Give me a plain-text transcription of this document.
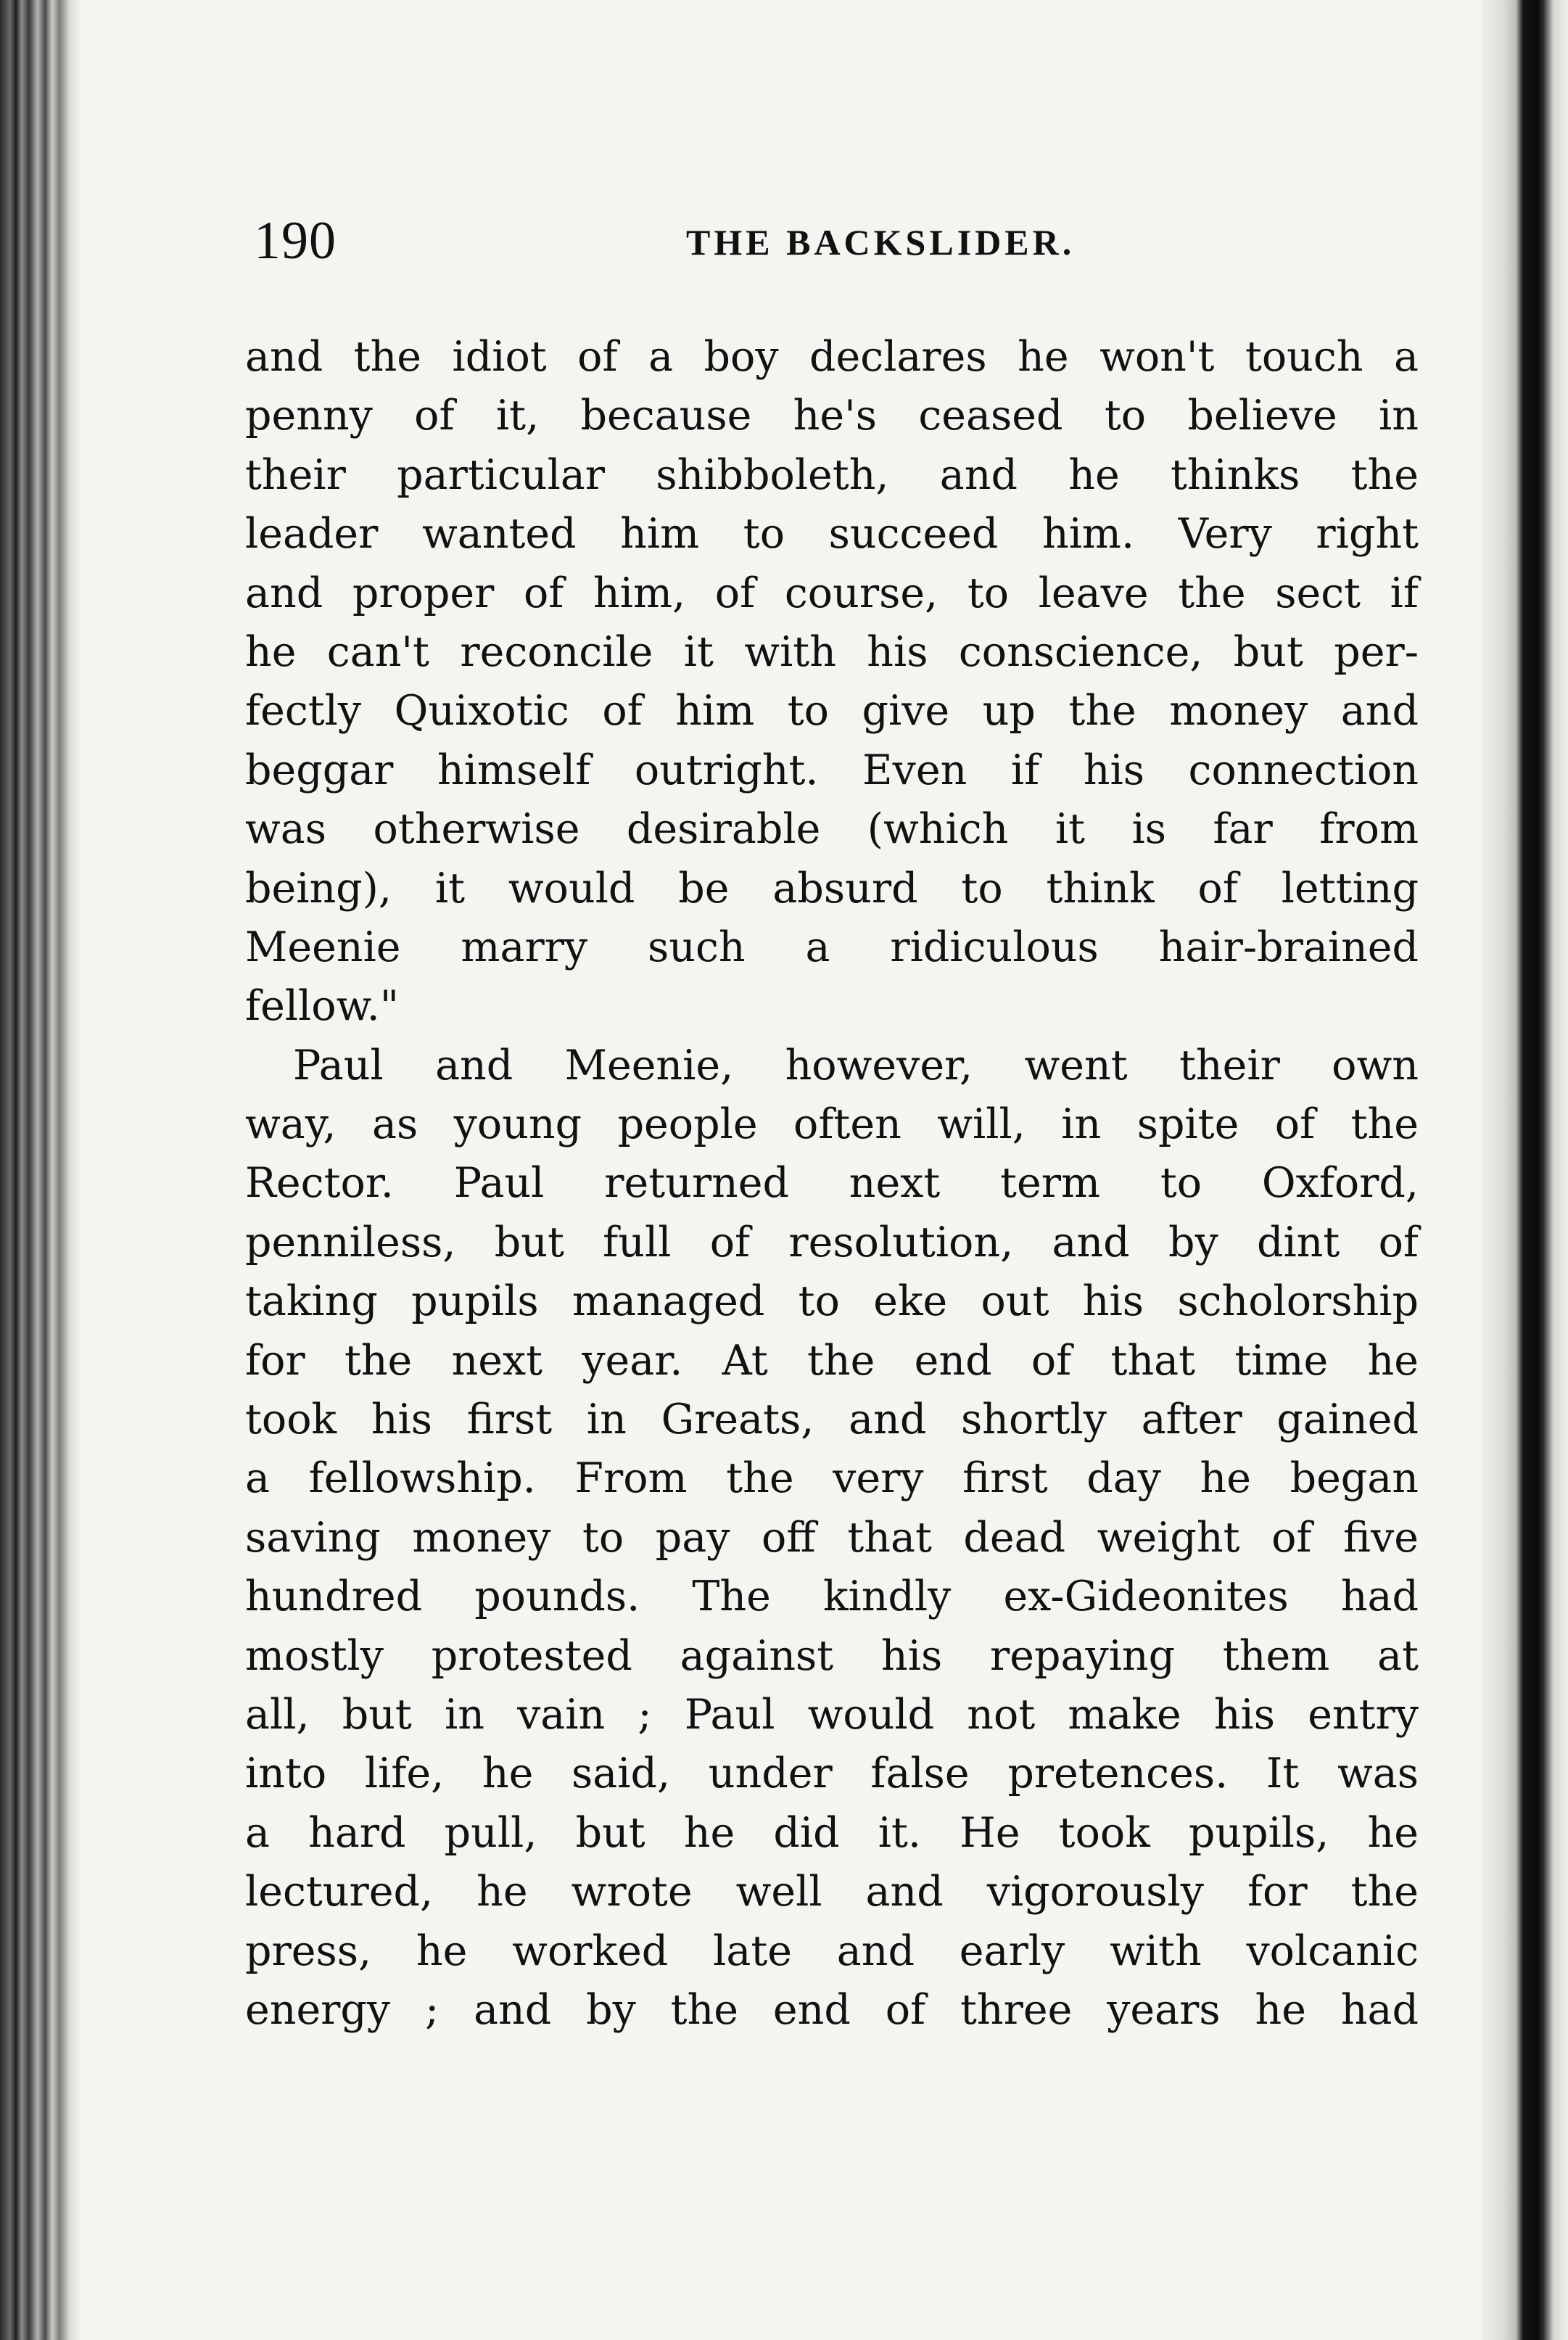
190	THE BACKSLIDER.
and the idiot of a boy declares he won't touch a
penny of it, because he's ceased to believe in
their particular shibboleth, and he thinks the
leader wanted him to succeed him. Very right
and proper of him, of course, to leave the sect if
he can't reconcile it with his conscience, but per-
fectly Quixotic of him to give up the money and
beggar himself outright. Even if his connection
was otherwise desirable (which it is far from
being), it would be absurd to think of letting
Meenie marry such a ridiculous hair-brained
fellow."
Paul and Meenie, however, went their own
way, as young people often will, in spite of the
Rector. Paul returned next term to Oxford,
penniless, but full of resolution, and by dint of
taking pupils managed to eke out his scholorship
for the next year. At the end of that time he
took his first in Greats, and shortly after gained
a fellowship. From the very first day he began
saving money to pay off that dead weight of five
hundred pounds. The kindly ex-Gideonites had
mostly protested against his repaying them at
all, but in vain ; Paul would not make his entry
into life, he said, under false pretences. It was
a hard pull, but he did it. He took pupils, he
lectured, he wrote well and vigorously for the
press, he worked late and early with volcanic
energy ; and by the end of three years he had
